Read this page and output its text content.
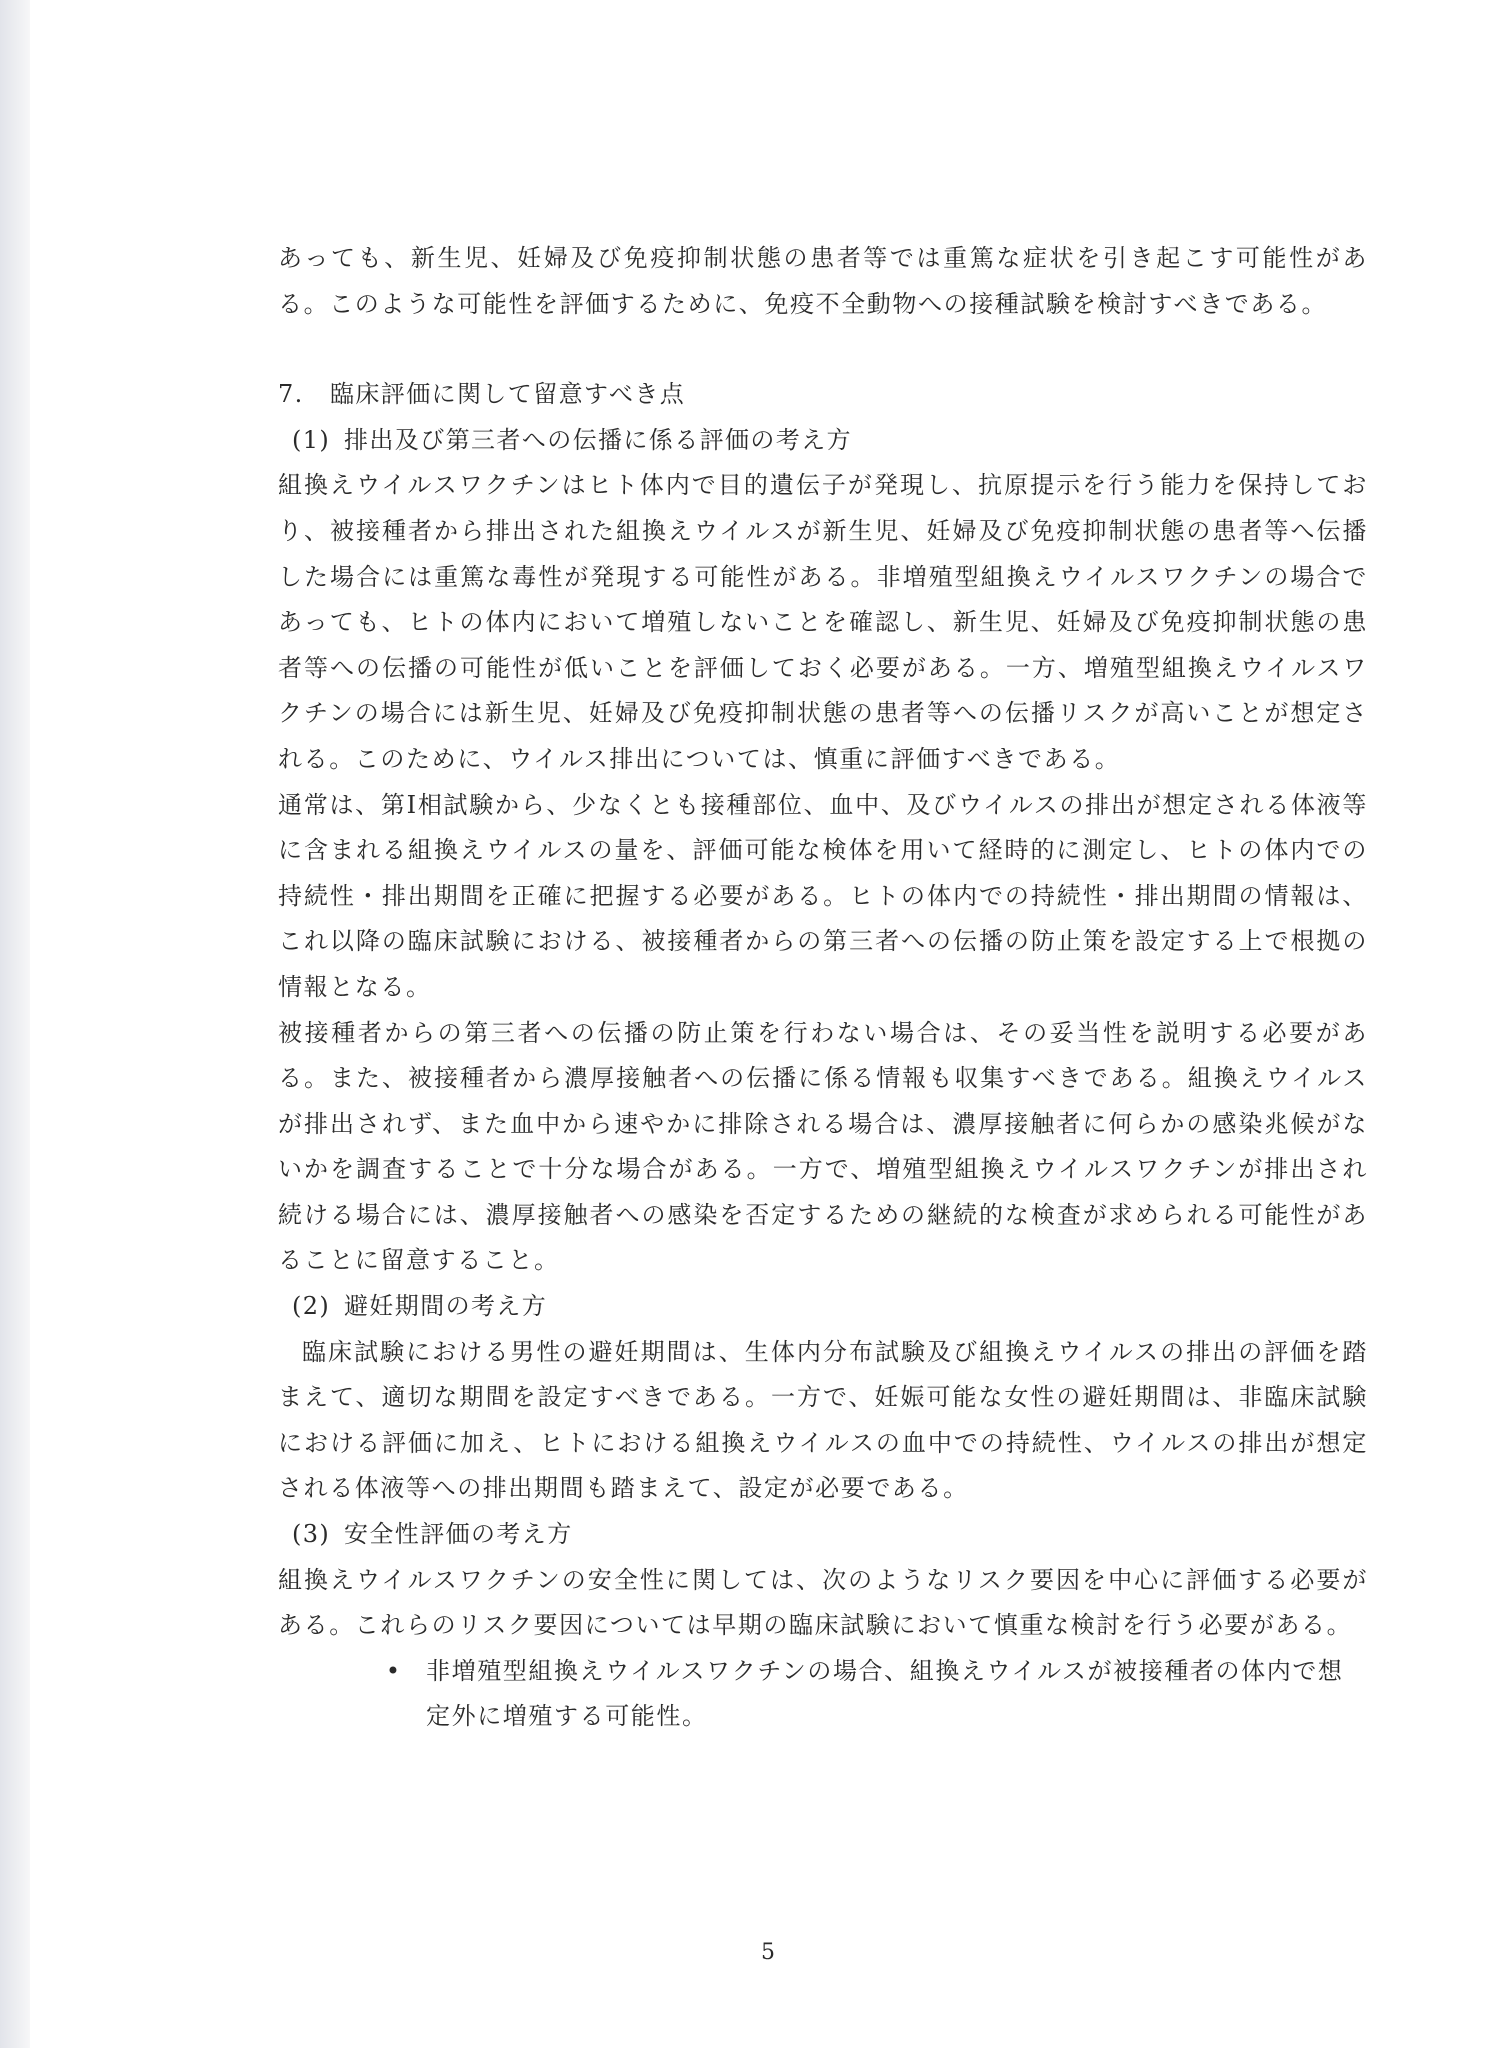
あっても、新生児、妊婦及び免疫抑制状態の患者等では重篤な症状を引き起こす可能性がある。このような可能性を評価するために、免疫不全動物への接種試験を検討すべきである。

7. 臨床評価に関して留意すべき点

(1) 排出及び第三者への伝播に係る評価の考え方

組換えウイルスワクチンはヒト体内で目的遺伝子が発現し、抗原提示を行う能力を保持しており、被接種者から排出された組換えウイルスが新生児、妊婦及び免疫抑制状態の患者等へ伝播した場合には重篤な毒性が発現する可能性がある。非増殖型組換えウイルスワクチンの場合であっても、ヒトの体内において増殖しないことを確認し、新生児、妊婦及び免疫抑制状態の患者等への伝播の可能性が低いことを評価しておく必要がある。一方、増殖型組換えウイルスワクチンの場合には新生児、妊婦及び免疫抑制状態の患者等への伝播リスクが高いことが想定される。このために、ウイルス排出については、慎重に評価すべきである。

通常は、第Ⅰ相試験から、少なくとも接種部位、血中、及びウイルスの排出が想定される体液等に含まれる組換えウイルスの量を、評価可能な検体を用いて経時的に測定し、ヒトの体内での持続性・排出期間を正確に把握する必要がある。ヒトの体内での持続性・排出期間の情報は、これ以降の臨床試験における、被接種者からの第三者への伝播の防止策を設定する上で根拠の情報となる。

被接種者からの第三者への伝播の防止策を行わない場合は、その妥当性を説明する必要がある。また、被接種者から濃厚接触者への伝播に係る情報も収集すべきである。組換えウイルスが排出されず、また血中から速やかに排除される場合は、濃厚接触者に何らかの感染兆候がないかを調査することで十分な場合がある。一方で、増殖型組換えウイルスワクチンが排出され続ける場合には、濃厚接触者への感染を否定するための継続的な検査が求められる可能性があることに留意すること。

(2) 避妊期間の考え方

臨床試験における男性の避妊期間は、生体内分布試験及び組換えウイルスの排出の評価を踏まえて、適切な期間を設定すべきである。一方で、妊娠可能な女性の避妊期間は、非臨床試験における評価に加え、ヒトにおける組換えウイルスの血中での持続性、ウイルスの排出が想定される体液等への排出期間も踏まえて、設定が必要である。

(3) 安全性評価の考え方

組換えウイルスワクチンの安全性に関しては、次のようなリスク要因を中心に評価する必要がある。これらのリスク要因については早期の臨床試験において慎重な検討を行う必要がある。

•	非増殖型組換えウイルスワクチンの場合、組換えウイルスが被接種者の体内で想定外に増殖する可能性。

5
